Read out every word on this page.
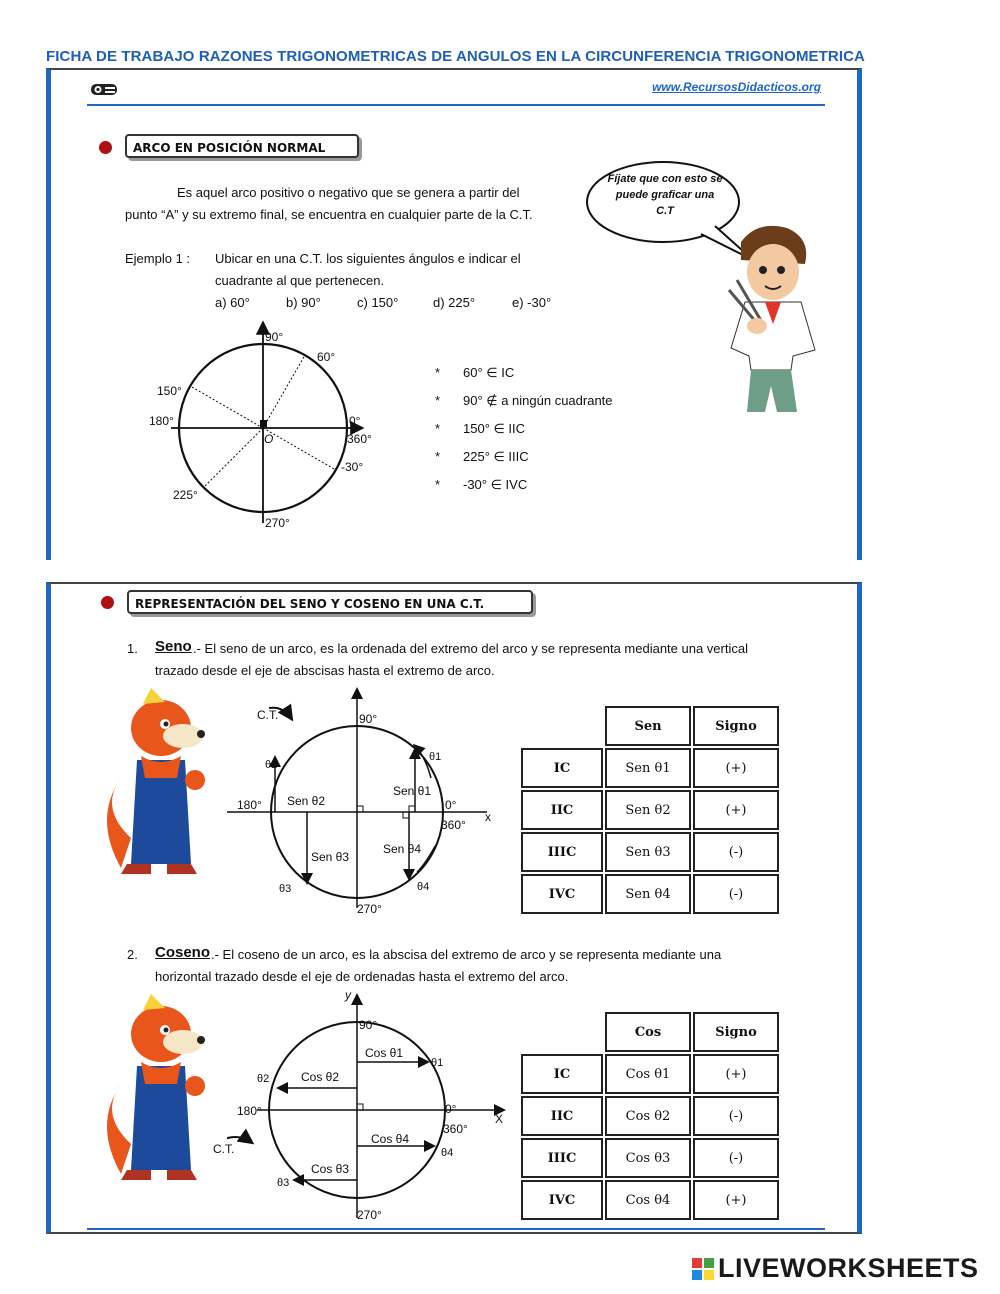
FICHA DE TRABAJO RAZONES TRIGONOMETRICAS DE ANGULOS EN LA CIRCUNFERENCIA TRIGONOMETRICA
www.RecursosDidacticos.org
ARCO EN POSICIÓN NORMAL
Es aquel arco positivo o negativo que se genera a partir del
punto “A” y su extremo final, se encuentra en cualquier parte de la C.T.
Ejemplo 1 : Ubicar en una C.T. los siguientes ángulos e indicar el
cuadrante al que pertenecen.
a) 60°	b) 90°	c) 150°	d) 225°	e) -30°
90°
60°
150°
180°	0°
360°
-30°
225°
270°
O
* 60° ∈ IC
* 90° ∉ a ningún cuadrante
* 150° ∈ IIC
* 225° ∈ IIIC
* -30° ∈ IVC
Fíjate que con esto se
puede graficar una
C.T
REPRESENTACIÓN DEL SENO Y COSENO EN UNA C.T.
1. Seno .- El seno de un arco, es la ordenada del extremo del arco y se representa mediante una vertical
trazado desde el eje de abscisas hasta el extremo de arco.
C.T.	90°
180°	0°
360°
x
270°
θ1
θ2
θ3	θ4
Sen θ1
Sen θ2
Sen θ3
Sen θ4
	Sen	Signo
IC	Sen θ1	(+)
IIC	Sen θ2	(+)
IIIC	Sen θ3	(-)
IVC	Sen θ4	(-)
2. Coseno .- El coseno de un arco, es la abscisa del extremo de arco y se representa mediante una
horizontal trazado desde el eje de ordenadas hasta el extremo del arco.
y
C.T.
90°
180°	0°
360°
X
270°
θ1
θ2
θ3
θ4
Cos θ1
Cos θ2
Cos θ3
Cos θ4
	Cos	Signo
IC	Cos θ1	(+)
IIC	Cos θ2	(-)
IIIC	Cos θ3	(-)
IVC	Cos θ4	(+)
LIVEWORKSHEETS
